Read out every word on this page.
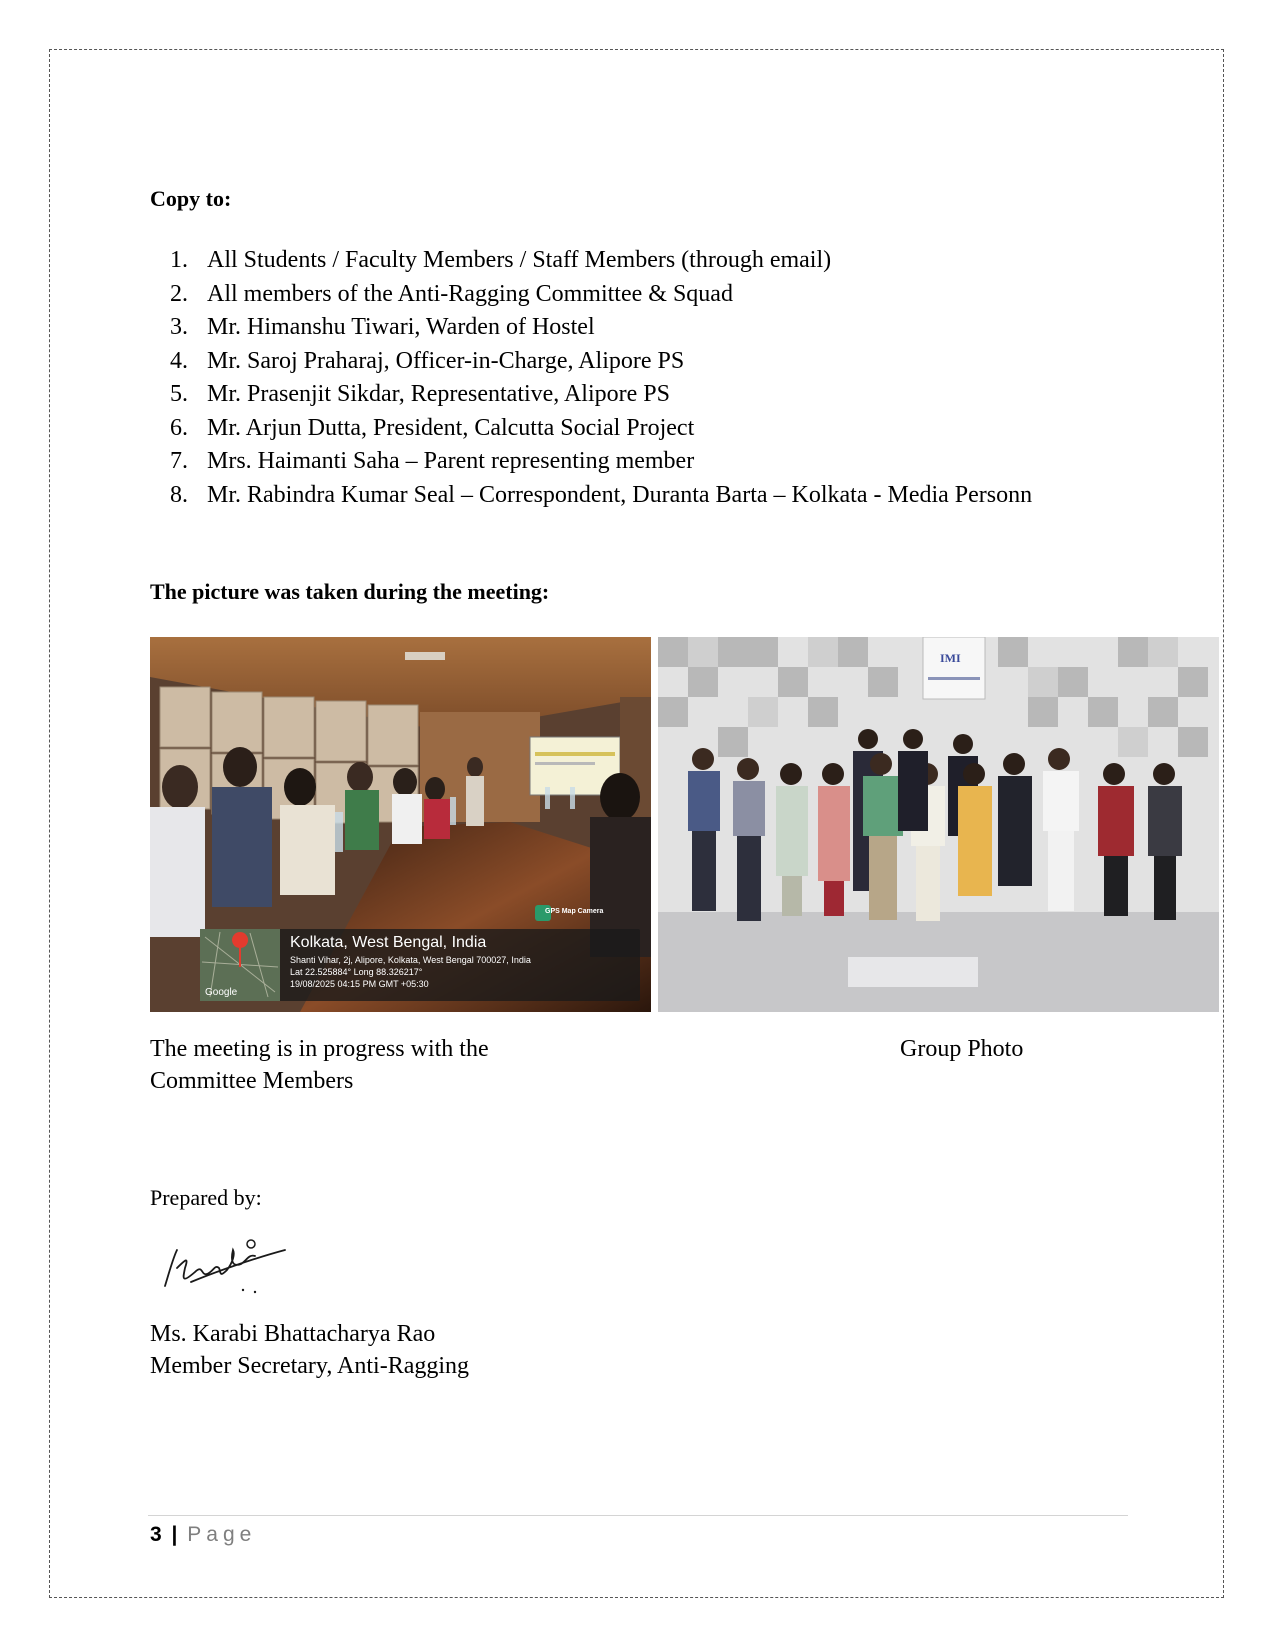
Copy to:
1. All Students / Faculty Members / Staff Members (through email)
2. All members of the Anti-Ragging Committee & Squad
3. Mr. Himanshu Tiwari, Warden of Hostel
4. Mr. Saroj Praharaj, Officer-in-Charge, Alipore PS
5. Mr. Prasenjit Sikdar, Representative, Alipore PS
6. Mr. Arjun Dutta, President, Calcutta Social Project
7. Mrs. Haimanti Saha – Parent representing member
8. Mr. Rabindra Kumar Seal – Correspondent, Duranta Barta – Kolkata - Media Personn
The picture was taken during the meeting:
GPS Map Camera
Kolkata, West Bengal, India
Shanti Vihar, 2j, Alipore, Kolkata, West Bengal 700027, India
Lat 22.525884° Long 88.326217°
19/08/2025 04:15 PM GMT +05:30
Google
IMI
The meeting is in progress with the Committee Members
Group Photo
Prepared by:
Ms. Karabi Bhattacharya Rao
Member Secretary, Anti-Ragging
3 | Page
